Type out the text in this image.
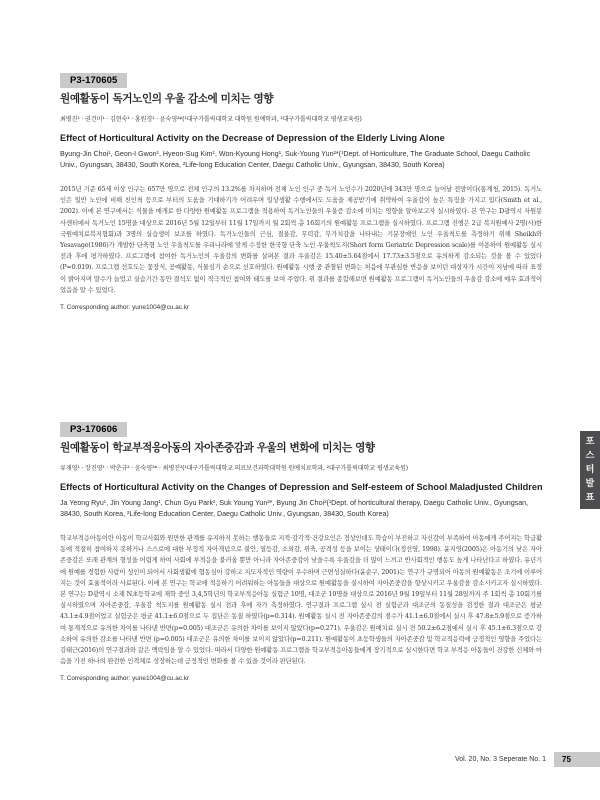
P3-170605
원예활동이 독거노인의 우울 감소에 미치는 영향
최병진¹ · 권건미¹ · 김현숙¹ · 홍원경¹ · 윤숙영²*(¹대구가톨릭대학교 대학원 원예학과, ²대구가톨릭대학교 평생교육원)
Effect of Horticultural Activity on the Decrease of Depression of the Elderly Living Alone
Byung-Jin Choi¹, Geon-I Gwon¹, Hyeon-Sug Kim¹, Won-Kyoung Hong¹, Suk-Young Yun²*(¹Dept. of Horticulture, The Graduate School, Daegu Catholic Univ., Gyungsan, 38430, South Korea, ²Life-long Education Center, Daegu Catholic Univ., Gyungsan, 38430, South Korea)

2015년 기준 65세 이상 인구는 657만 명으로 전체 인구의 13.2%를 차지하며 전체 노인 인구 중 독거 노인수가 2020년에 343만 명으로 늘어날 전망이다(통계청, 2015). 독거노인은 일반 노인에 비해 친인척 등으로 부터의 도움을 기대하기가 어려우며 일상생활 수행에서도 도움을 제공받기에 취약하여 우울감이 높은 특징을 가지고 있다(Smith et al., 2002). 이에 본 연구에서는 식물을 매개로 한 다양한 원예활동 프로그램을 적용하여 독거노인들의 우울증 감소에 미치는 영향을 알아보고자 실시하였다. 본 연구는 D광역시 자원봉사센터에서 독거노인 15명을 대상으로 2016년 5월 12일부터 11월 17일까지 월 2회씩 총 16회기의 원예활동 프로그램을 실시하였다. 프로그램 진행은 2급 복지원예사 2명(사)한국원예치료복지협회)과 3명의 실습생이 보조를 하였다. 독거노인들의 근심, 절울감, 무력감, 무가치감을 나타내는 기분장애인 노인 우울척도를 측정하기 위해 Sheikh와 Yesavage(1986)가 개발한 단축형 노인 우울척도를 우리나라에 맞게 수정한 한국형 단축 노인 우울척도지(Short form Geriatric Depression scale)를 이용하여 원예활동 실시 전과 후에 평가하였다. 프로그램에 참여한 독거노인의 우울감의 변화를 살펴본 결과 우울감은 15.40±5.64점에서 17.73±3.5점으로 유의하게 감소되는 것을 볼 수 있었다(P=0.019). 프로그램 선호도는 꽃장식, 공예활동, 식물심기 순으로 선호하였다. 원예활동 시행 중 관찰된 변화는 처음에 무관심한 반응을 보이던 대상자가 시간이 지남에 따라 표정이 밝아지며 말수가 늘었고 실습기간 동안 결석도 없이 적극적인 참여와 태도를 보여 주었다. 위 결과를 종합해보면 원예활동 프로그램이 독거노인들의 우울감 감소에 매우 효과적이었음을 알 수 있었다.

T. Corresponding author: yune1004@cu.ac.kr
P3-170606
원예활동이 학교부적응아동의 자아존중감과 우울의 변화에 미치는 영향
류재영¹ · 장진영¹ · 박춘규² · 윤숙영²* · 최병진²(¹대구가톨릭대학교 의료보건과학대학원 원예치료학과, ²대구가톨릭대학교 평생교육원)
Effects of Horticultural Activity on the Changes of Depression and Self-esteem of School Maladjusted Children
Ja Yeong Ryu¹, Jin Young Jang¹, Chun Gyu Park², Suk Young Yun²*, Byung Jin Choi²(¹Dept. of horticultural therapy, Daegu Catholic Univ., Gyungsan, 38430, South Korea, ²Life-long Education Center, Daegu Catholic Univ., Gyungsan, 38430, South Korea)

학교부적응아동이란 아동이 학교사회와 원만한 관계를 유지하지 못하는 행동들로 지적·감각적·건강요인은 정상인데도 학습이 부진하고 자신감이 부족하여 아동에게 주어지는 학급활동에 적절히 참여하지 못하거나 스스로에 대한 부정적 자아개념으로 불안, 열등감, 소외감, 위축, 공격성 등을 보이는 상태이다(정선영, 1998). 윤지영(2005)은 아동기의 낮은 자아존중감은 또래 관계의 형성을 어렵게 하여 사회에 부적응을 불러올 뿐만 아니라 자아존중감이 낮을수록 우울감을 더 많이 느끼고 반사회적인 행동도 높게 나타난다고 하였다. 유년기에 원예를 경험한 사람이 성인이 되어서 사회생활에 협동심이 강하고 지도자적인 역량이 우수하며 근면성실하다(윤순구, 2001)는 연구가 규명되어 아동의 원예활동은 조기에 이루어지는 것이 효율적이라 사료된다. 이에 본 연구는 학교에 적응하기 어려워하는 아동들을 대상으로 원예활동을 실시하여 자아존중감을 향상시키고 우울감을 감소시키고자 실시하였다. 본 연구는 D광역시 소재 N초등학교에 재학 중인 3,4,5학년의 학교부적응아동 실험군 10명, 대조군 10명을 대상으로 2016년 9월 19일부터 11월 28일까지 주 1회씩 총 10회기를 실시하였으며 자아존중감, 우울감 척도지를 원예활동 실시 전과 후에 자가 측정하였다. 연구결과 프로그램 실시 전 실험군과 대조군의 동질성을 검정한 결과 대조군은 평균 43.1±4.9점이었고 실험군은 평균 41.1±6.0점으로 두 집단은 동질 하였다(p=0.314). 원예활동 실시 전 자아존중감의 점수가 41.1±6.0점에서 실시 후 47.8±5.9점으로 증가하여 통계적으로 유의한 차이를 나타낸 반면(p=0.005) 대조군은 유의한 차이를 보이지 않았다(p=0.271). 우울감은 원예치료 실시 전 50.2±6.2점에서 실시 후 45.1±6.3점으로 감소하여 유의한 감소를 나타낸 반면 (p=0.005) 대조군은 유의한 차이를 보이지 않았다(p=0.211). 원예활동이 초등학생들의 자아존중감 및 학교적응력에 긍정적인 영향을 주었다는 김태근(2016)의 연구결과와 같은 맥락임을 알 수 있었다. 따라서 다양한 원예활동 프로그램을 학교부적응아동들에게 장기적으로 실시한다면 학교 부적응 아동들이 건강한 신체와 마음을 가진 하나의 완전한 인격체로 성장하는데 긍정적인 변화를 볼 수 있을 것이라 판단된다.

T. Corresponding author: yune1004@cu.ac.kr
포
스
터
발
표
Vol. 20, No. 3 Seperate No. 1	75
